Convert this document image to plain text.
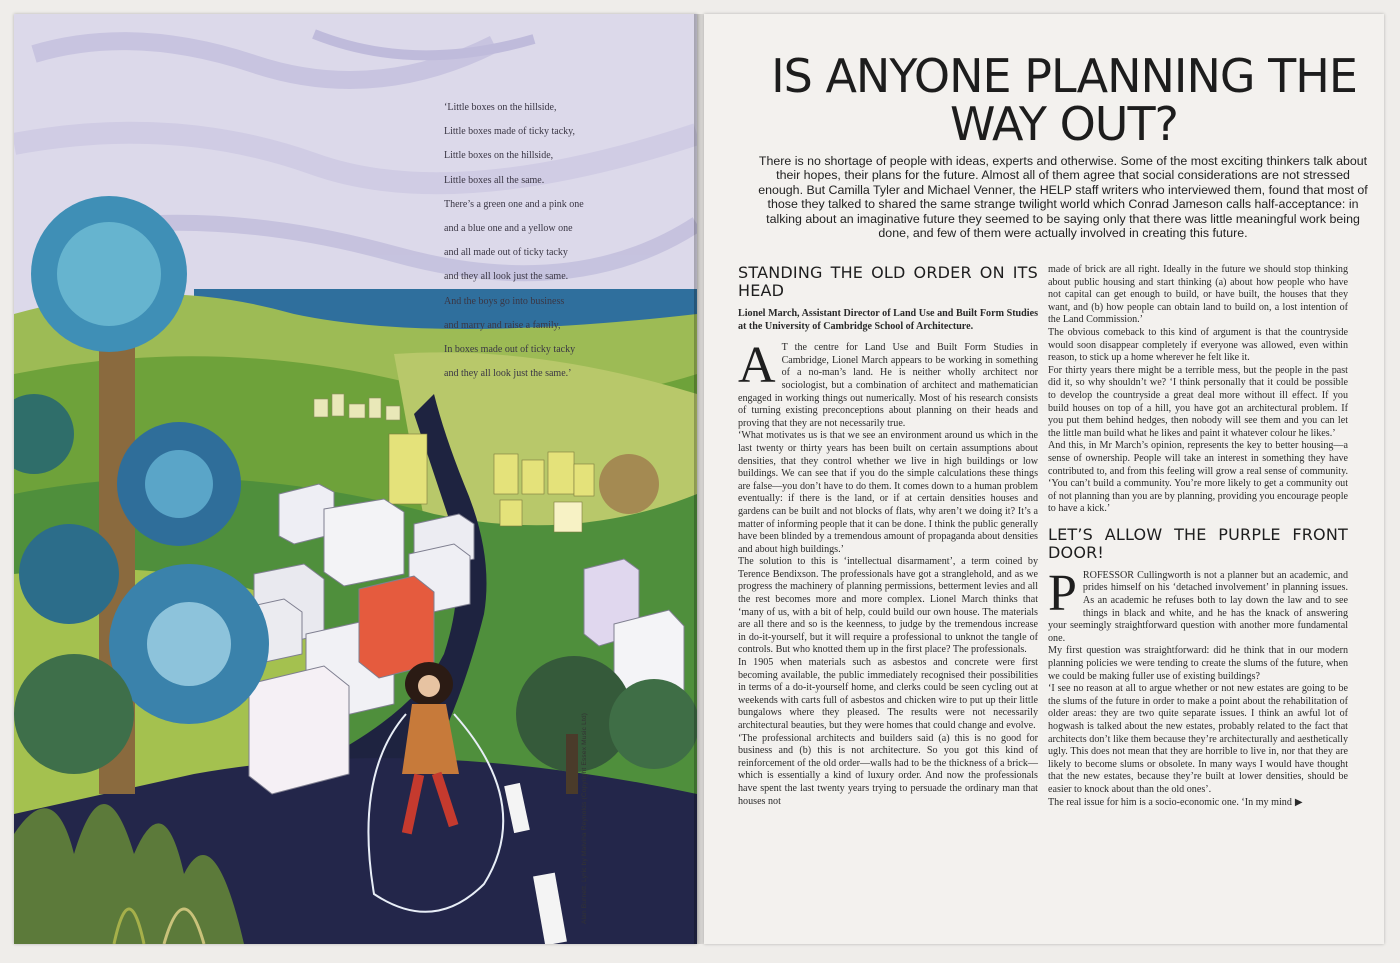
‘Little boxes on the hillside,

Little boxes made of ticky tacky,

Little boxes on the hillside,

Little boxes all the same.

There’s a green one and a pink one

and a blue one and a yellow one

and all made out of ticky tacky

and they all look just the same.

And the boys go into business

and marry and raise a family,

In boxes made out of ticky tacky

and they all look just the same.’

Alan Burnett, Lyric by Malvina Reynolds (Copyright Essex Music Ltd)
IS ANYONE PLANNING THE WAY OUT?

There is no shortage of people with ideas, experts and otherwise. Some of the most exciting thinkers talk about their hopes, their plans for the future. Almost all of them agree that social considerations are not stressed enough. But Camilla Tyler and Michael Venner, the HELP staff writers who interviewed them, found that most of those they talked to shared the same strange twilight world which Conrad Jameson calls half-acceptance: in talking about an imaginative future they seemed to be saying only that there was little meaningful work being done, and few of them were actually involved in creating this future.

STANDING THE OLD ORDER ON ITS HEAD

Lionel March, Assistant Director of Land Use and Built Form Studies at the University of Cambridge School of Architecture.

A T the centre for Land Use and Built Form Studies in Cambridge, Lionel March appears to be working in something of a no-man’s land. He is neither wholly architect nor sociologist, but a combination of architect and mathematician engaged in working things out numerically. Most of his research consists of turning existing preconceptions about planning on their heads and proving that they are not necessarily true.

‘What motivates us is that we see an environment around us which in the last twenty or thirty years has been built on certain assumptions about densities, that they control whether we live in high buildings or low buildings. We can see that if you do the simple calculations these things are false—you don’t have to do them. It comes down to a human problem eventually: if there is the land, or if at certain densities houses and gardens can be built and not blocks of flats, why aren’t we doing it? It’s a matter of informing people that it can be done. I think the public generally have been blinded by a tremendous amount of propaganda about densities and about high buildings.’

The solution to this is ‘intellectual disarmament’, a term coined by Terence Bendixson. The professionals have got a stranglehold, and as we progress the machinery of planning permissions, betterment levies and all the rest becomes more and more complex. Lionel March thinks that ‘many of us, with a bit of help, could build our own house. The materials are all there and so is the keenness, to judge by the tremendous increase in do-it-yourself, but it will require a professional to unknot the tangle of controls. But who knotted them up in the first place? The professionals.

In 1905 when materials such as asbestos and concrete were first becoming available, the public immediately recognised their possibilities in terms of a do-it-yourself home, and clerks could be seen cycling out at weekends with carts full of asbestos and chicken wire to put up their little bungalows where they pleased. The results were not necessarily architectural beauties, but they were homes that could change and evolve.

‘The professional architects and builders said (a) this is no good for business and (b) this is not architecture. So you got this kind of reinforcement of the old order—walls had to be the thickness of a brick—which is essentially a kind of luxury order. And now the professionals have spent the last twenty years trying to persuade the ordinary man that houses not

made of brick are all right. Ideally in the future we should stop thinking about public housing and start thinking (a) about how people who have not capital can get enough to build, or have built, the houses that they want, and (b) how people can obtain land to build on, a lost intention of the Land Commission.’

The obvious comeback to this kind of argument is that the countryside would soon disappear completely if everyone was allowed, even within reason, to stick up a home wherever he felt like it.

For thirty years there might be a terrible mess, but the people in the past did it, so why shouldn’t we? ‘I think personally that it could be possible to develop the countryside a great deal more without ill effect. If you build houses on top of a hill, you have got an architectural problem. If you put them behind hedges, then nobody will see them and you can let the little man build what he likes and paint it whatever colour he likes.’

And this, in Mr March’s opinion, represents the key to better housing—a sense of ownership. People will take an interest in something they have contributed to, and from this feeling will grow a real sense of community. ‘You can’t build a community. You’re more likely to get a community out of not planning than you are by planning, providing you encourage people to have a kick.’

LET’S ALLOW THE PURPLE FRONT DOOR!

PROFESSOR Cullingworth is not a planner but an academic, and prides himself on his ‘detached involvement’ in planning issues. As an academic he refuses both to lay down the law and to see things in black and white, and he has the knack of answering your seemingly straightforward question with another more fundamental one.

My first question was straightforward: did he think that in our modern planning policies we were tending to create the slums of the future, when we could be making fuller use of existing buildings?

‘I see no reason at all to argue whether or not new estates are going to be the slums of the future in order to make a point about the rehabilitation of older areas: they are two quite separate issues. I think an awful lot of hogwash is talked about the new estates, probably related to the fact that architects don’t like them because they’re architecturally and aesthetically ugly. This does not mean that they are horrible to live in, nor that they are likely to become slums or obsolete. In many ways I would have thought that the new estates, because they’re built at lower densities, should be easier to knock about than the old ones’.

The real issue for him is a socio-economic one. ‘In my mind ▶
